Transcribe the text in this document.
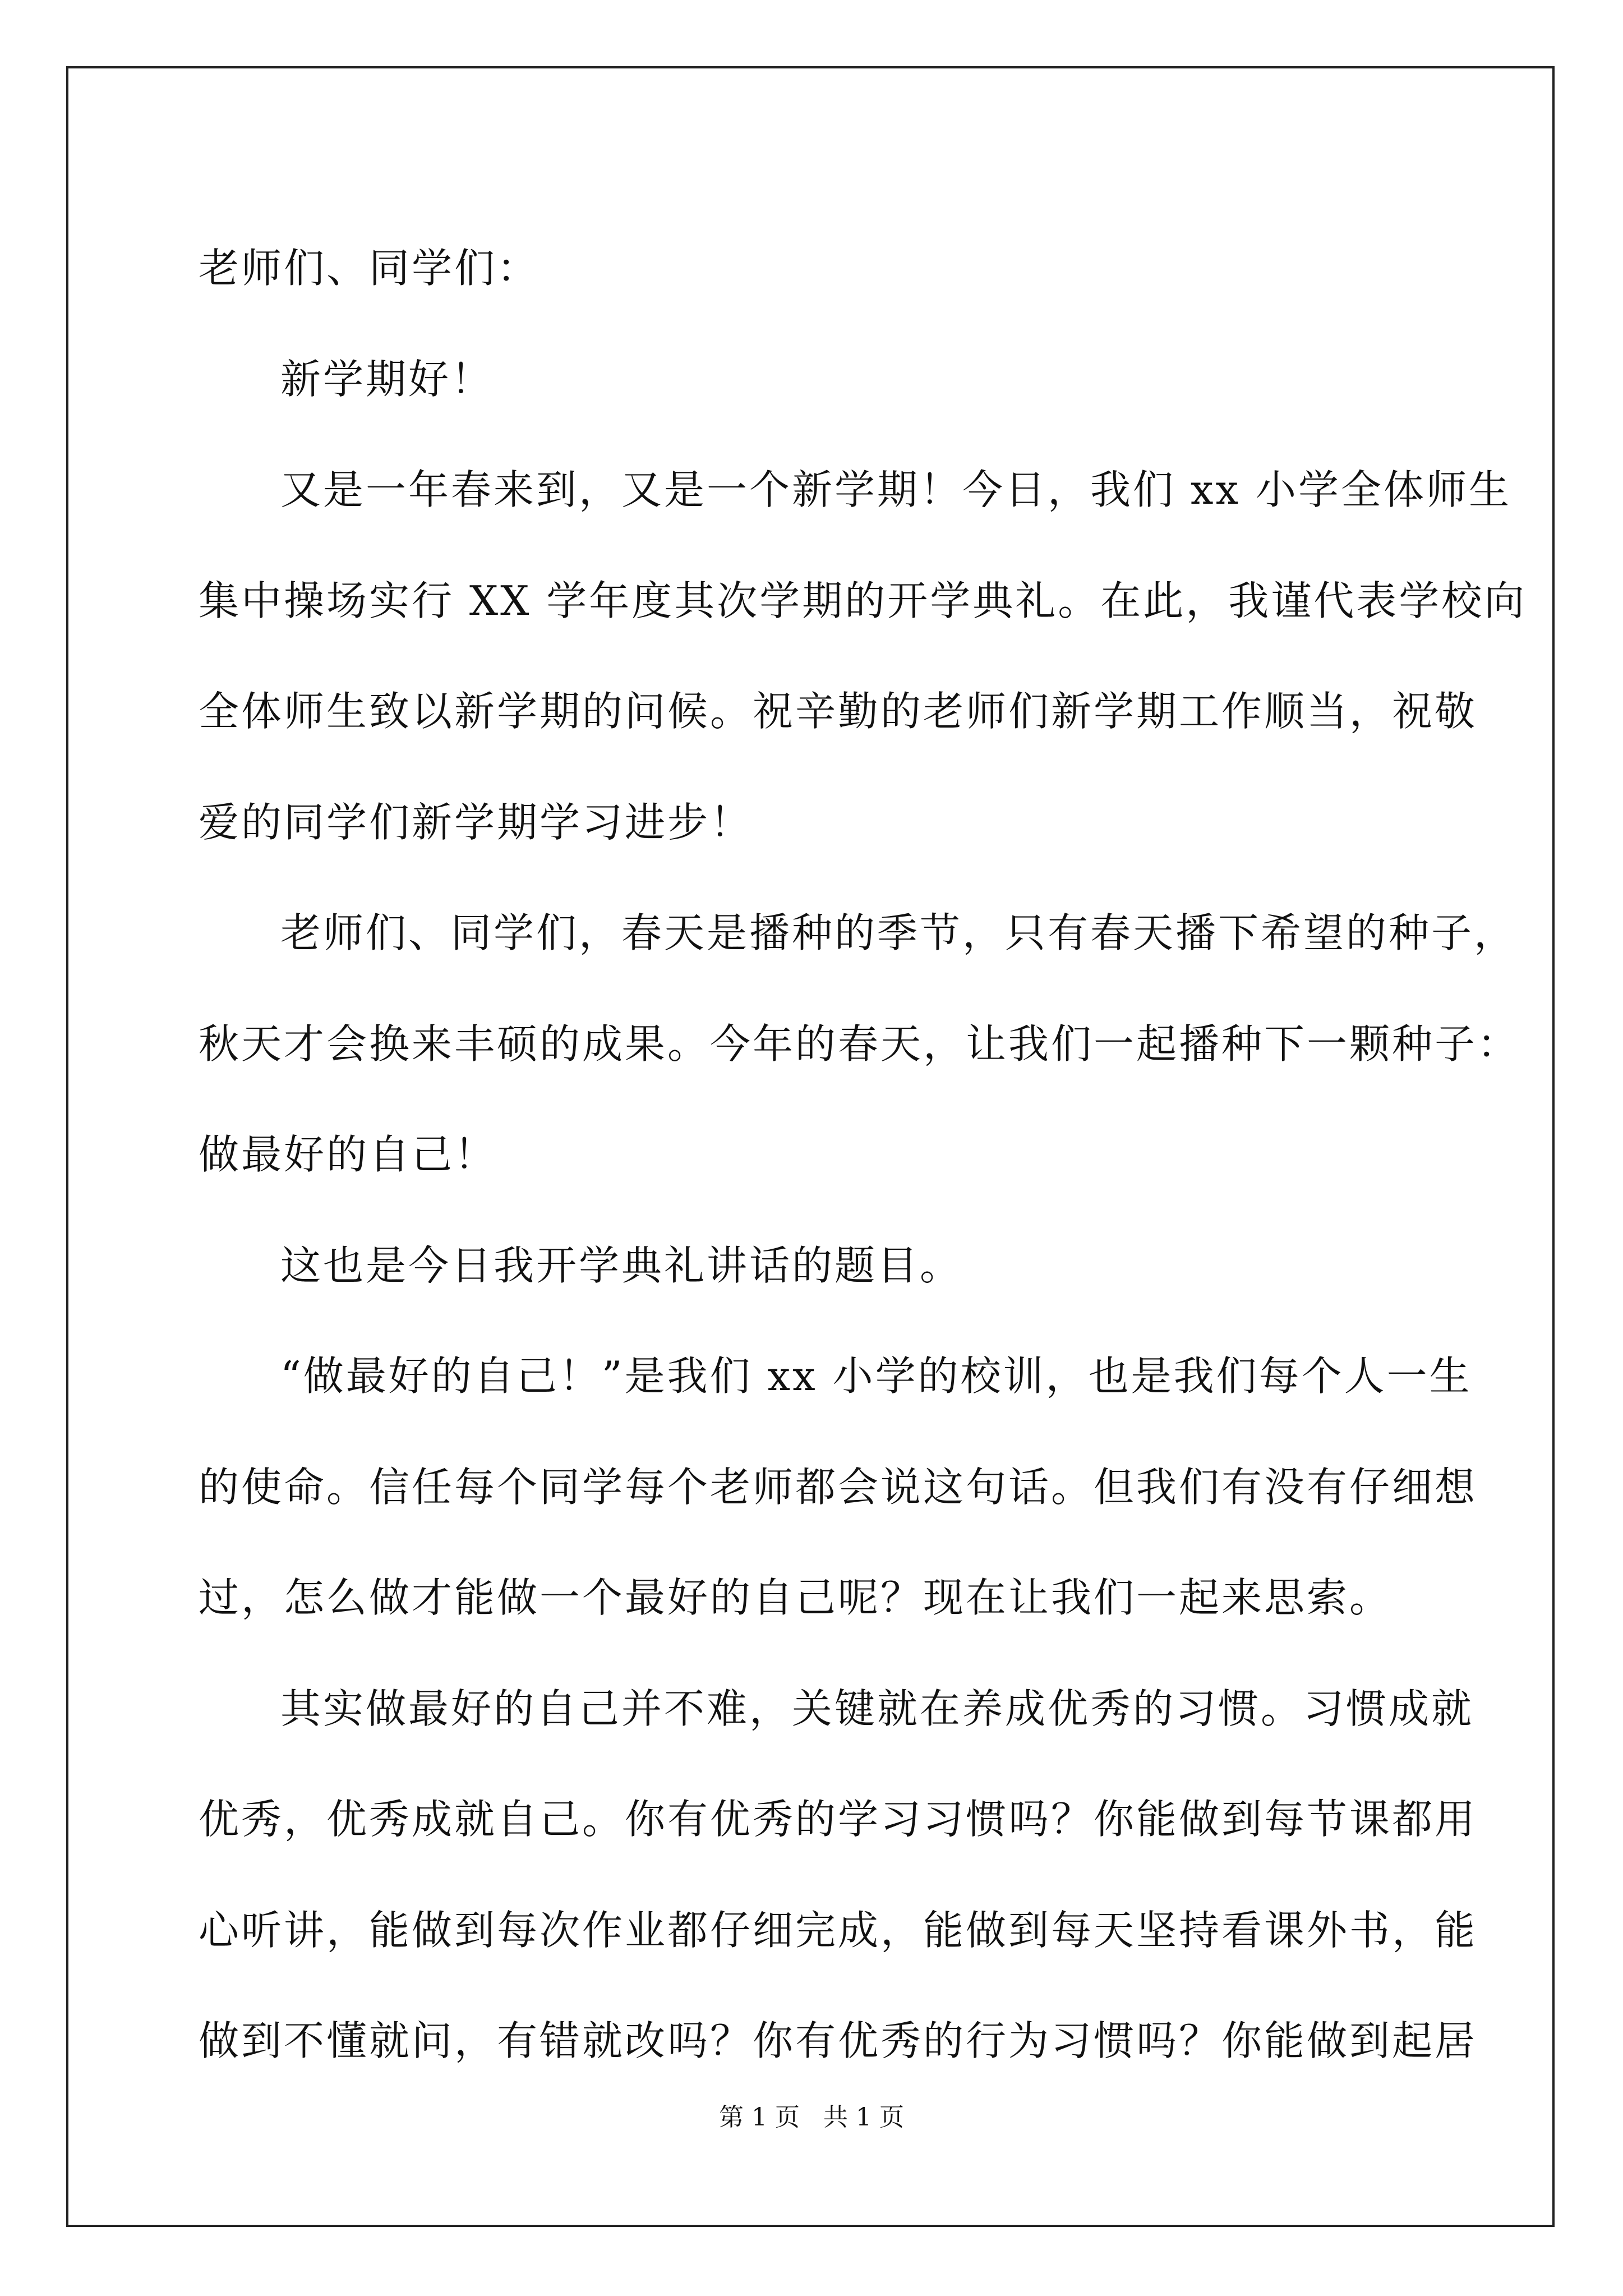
老师们、同学们：
新学期好！
又是一年春来到，又是一个新学期！今日，我们 xx 小学全体师生
集中操场实行 XX 学年度其次学期的开学典礼。在此，我谨代表学校向
全体师生致以新学期的问候。祝辛勤的老师们新学期工作顺当，祝敬
爱的同学们新学期学习进步！
老师们、同学们，春天是播种的季节，只有春天播下希望的种子，
秋天才会换来丰硕的成果。今年的春天，让我们一起播种下一颗种子：
做最好的自己！
这也是今日我开学典礼讲话的题目。
“做最好的自己！”是我们 xx 小学的校训，也是我们每个人一生
的使命。信任每个同学每个老师都会说这句话。但我们有没有仔细想
过，怎么做才能做一个最好的自己呢？现在让我们一起来思索。
其实做最好的自己并不难，关键就在养成优秀的习惯。习惯成就
优秀，优秀成就自己。你有优秀的学习习惯吗？你能做到每节课都用
心听讲，能做到每次作业都仔细完成，能做到每天坚持看课外书，能
做到不懂就问，有错就改吗？你有优秀的行为习惯吗？你能做到起居
第 1 页   共 1 页
